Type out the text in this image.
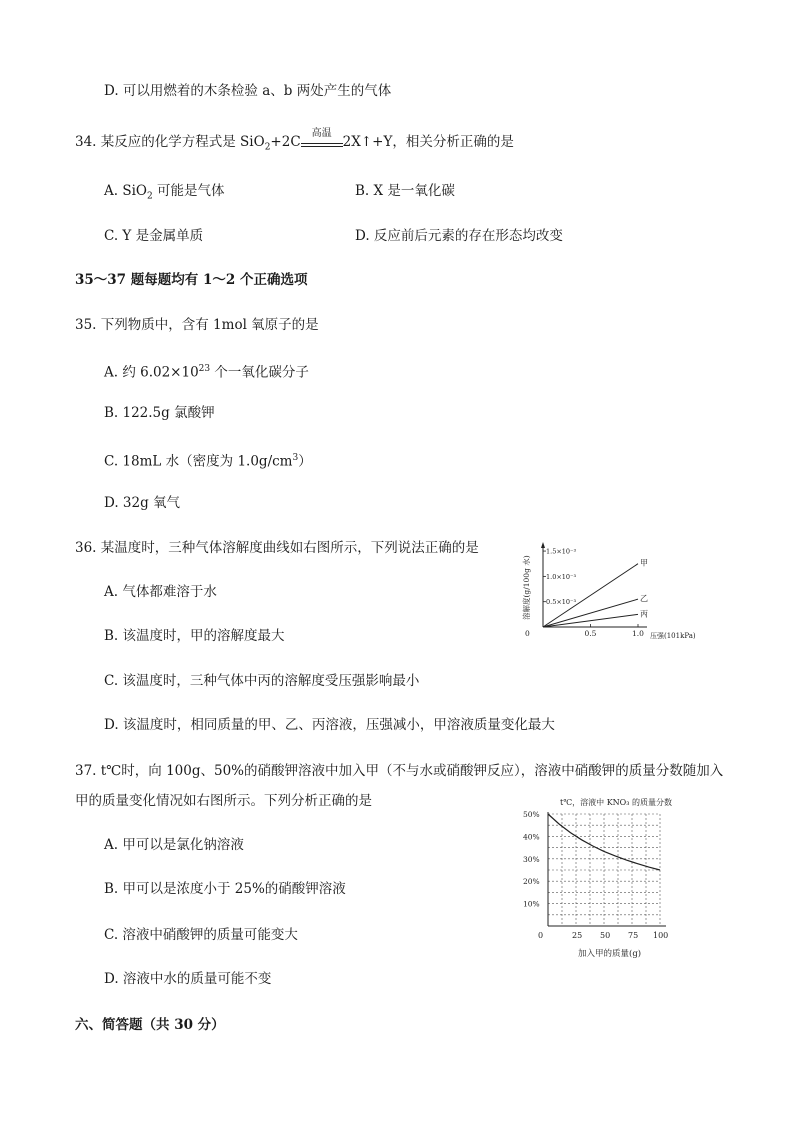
D. 可以用燃着的木条检验 a、b 两处产生的气体
34. 某反应的化学方程式是 SiO$_2$+2C
高温
2X↑+Y，相关分析正确的是
A. SiO$_2$ 可能是气体	B. X 是一氧化碳
C. Y 是金属单质	D. 反应前后元素的存在形态均改变
35～37 题每题均有 1～2 个正确选项
35. 下列物质中，含有 1mol 氧原子的是
A. 约 $6.02\times 10^{23}$ 个一氧化碳分子
B. 122.5g 氯酸钾
C. 18mL 水（密度为 $1.0g/cm^3$）
D. 32g 氧气
36. 某温度时，三种气体溶解度曲线如右图所示，下列说法正确的是
A. 气体都难溶于水
B. 该温度时，甲的溶解度最大
C. 该温度时，三种气体中丙的溶解度受压强影响最小
D. 该温度时，相同质量的甲、乙、丙溶液，压强减小，甲溶液质量变化最大
溶解度(g/100g 水)
0	压强(101kPa)
0.5	1.0
0.5×10⁻³
1.0×10⁻³
1.5×10⁻³
甲
乙
丙
37. t℃时，向 100g、50%的硝酸钾溶液中加入甲（不与水或硝酸钾反应），溶液中硝酸钾的质量分数随加入
甲的质量变化情况如右图所示。下列分析正确的是
A. 甲可以是氯化钠溶液
B. 甲可以是浓度小于 25%的硝酸钾溶液
C. 溶液中硝酸钾的质量可能变大
D. 溶液中水的质量可能不变
t℃，溶液中 KNO₃ 的质量分数
0	25 50 75 100
10%
20%
30%
40%
50%
加入甲的质量(g)
六、简答题（共 30 分）
